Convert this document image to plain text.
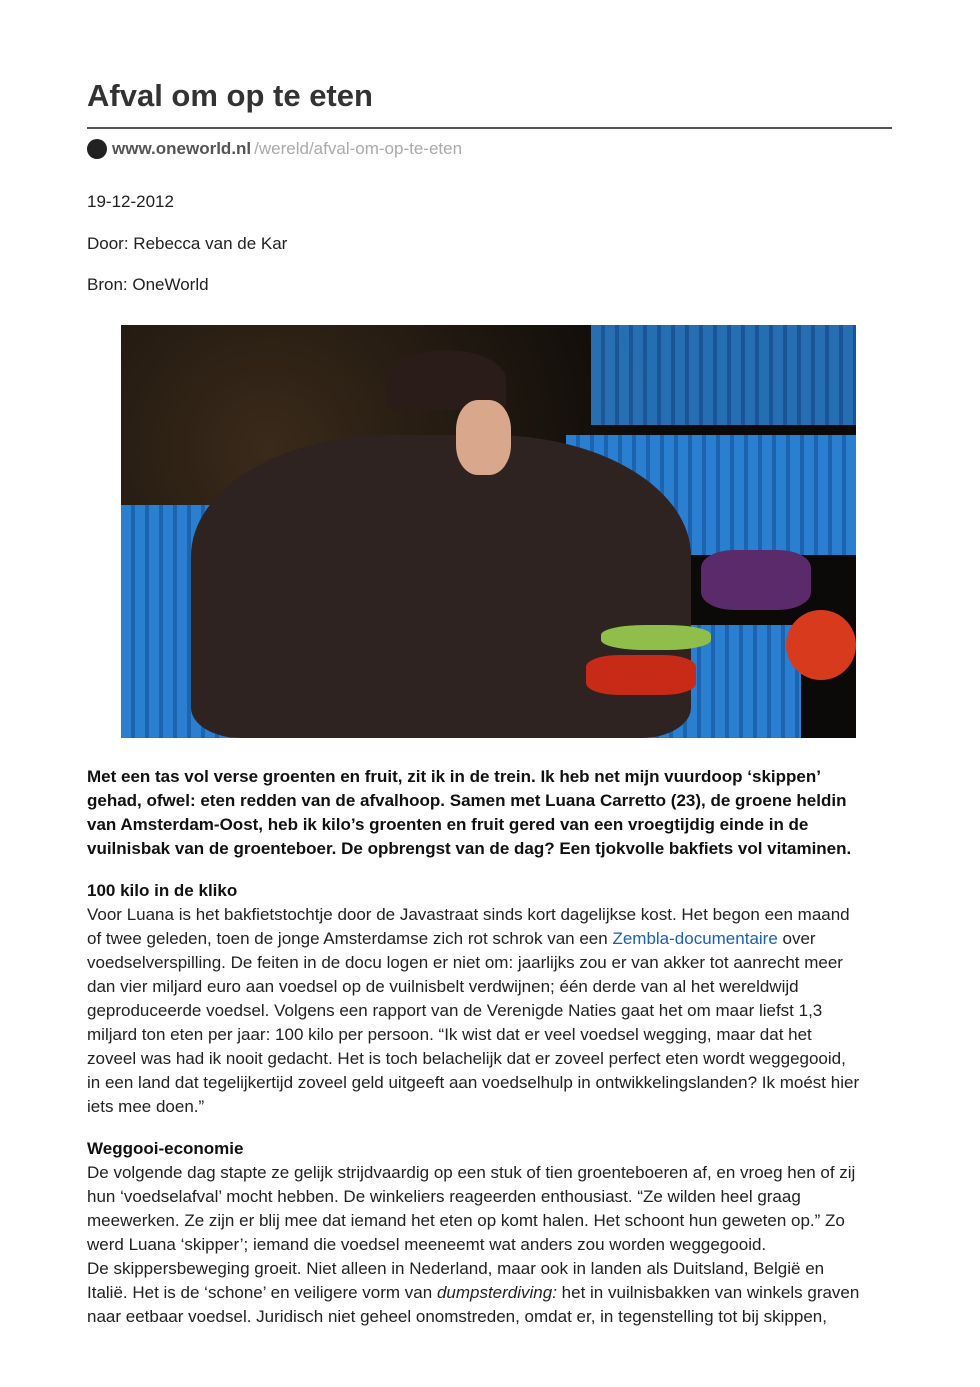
Afval om op te eten
www.oneworld.nl /wereld/afval-om-op-te-eten
19-12-2012
Door: Rebecca van de Kar
Bron: OneWorld
Met een tas vol verse groenten en fruit, zit ik in de trein. Ik heb net mijn vuurdoop ‘skippen’
gehad, ofwel: eten redden van de afvalhoop. Samen met Luana Carretto (23), de groene heldin
van Amsterdam-Oost, heb ik kilo’s groenten en fruit gered van een vroegtijdig einde in de
vuilnisbak van de groenteboer. De opbrengst van de dag? Een tjokvolle bakfiets vol vitaminen.
100 kilo in de kliko
Voor Luana is het bakfietstochtje door de Javastraat sinds kort dagelijkse kost. Het begon een maand
of twee geleden, toen de jonge Amsterdamse zich rot schrok van een Zembla-documentaire over
voedselverspilling. De feiten in de docu logen er niet om: jaarlijks zou er van akker tot aanrecht meer
dan vier miljard euro aan voedsel op de vuilnisbelt verdwijnen; één derde van al het wereldwijd
geproduceerde voedsel. Volgens een rapport van de Verenigde Naties gaat het om maar liefst 1,3
miljard ton eten per jaar: 100 kilo per persoon. “Ik wist dat er veel voedsel wegging, maar dat het
zoveel was had ik nooit gedacht. Het is toch belachelijk dat er zoveel perfect eten wordt weggegooid,
in een land dat tegelijkertijd zoveel geld uitgeeft aan voedselhulp in ontwikkelingslanden? Ik moést hier
iets mee doen.”
Weggooi-economie
De volgende dag stapte ze gelijk strijdvaardig op een stuk of tien groenteboeren af, en vroeg hen of zij
hun ‘voedselafval’ mocht hebben. De winkeliers reageerden enthousiast. “Ze wilden heel graag
meewerken. Ze zijn er blij mee dat iemand het eten op komt halen. Het schoont hun geweten op.” Zo
werd Luana ‘skipper’; iemand die voedsel meeneemt wat anders zou worden weggegooid.
De skippersbeweging groeit. Niet alleen in Nederland, maar ook in landen als Duitsland, België en
Italië. Het is de ‘schone’ en veiligere vorm van dumpsterdiving: het in vuilnisbakken van winkels graven
naar eetbaar voedsel. Juridisch niet geheel onomstreden, omdat er, in tegenstelling tot bij skippen,
